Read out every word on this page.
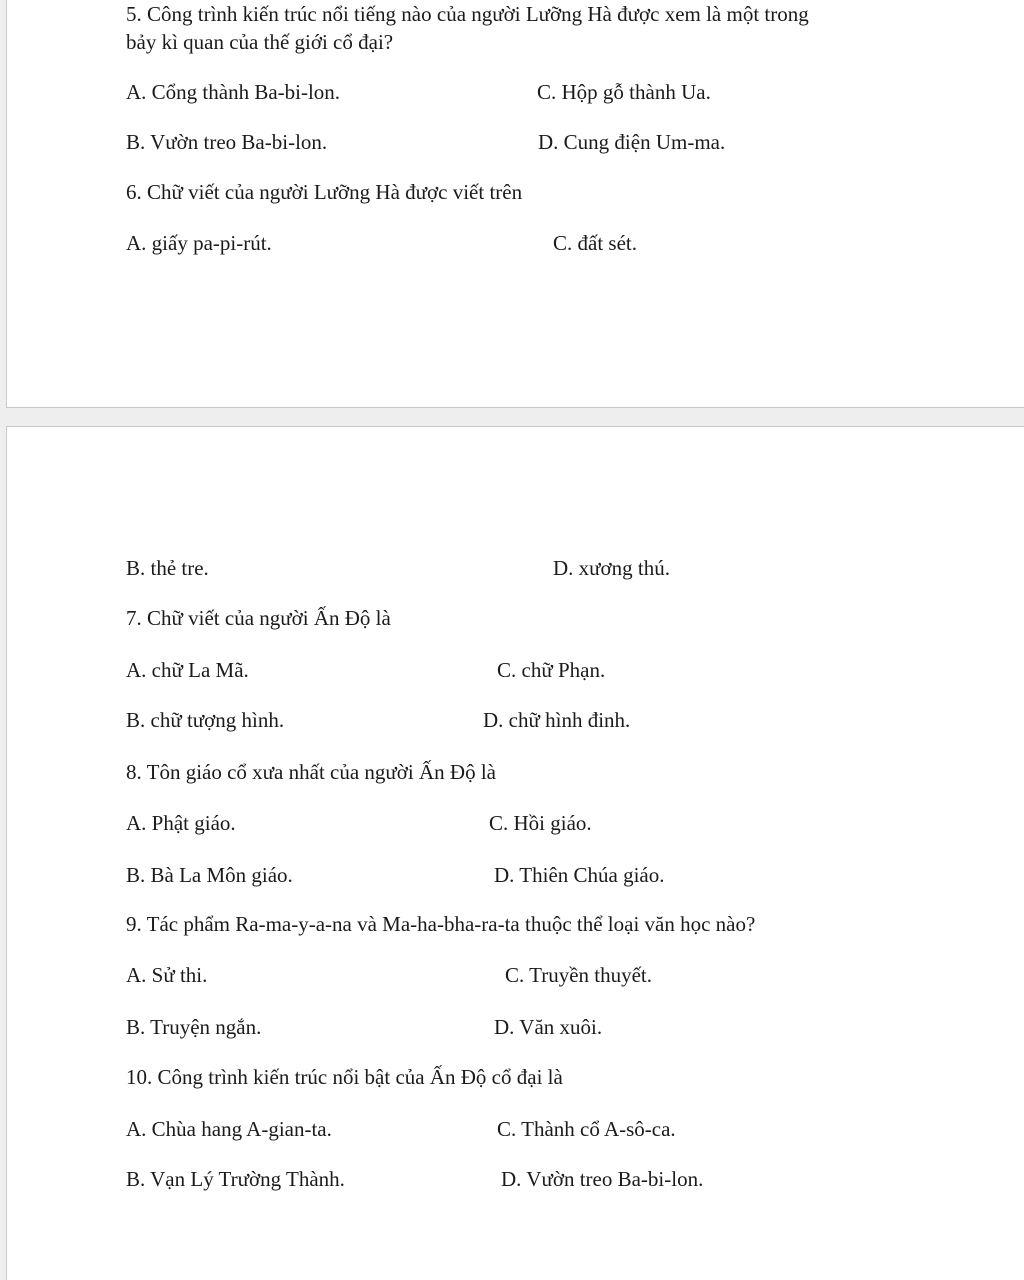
5. Công trình kiến trúc nổi tiếng nào của người Lưỡng Hà được xem là một trong
bảy kì quan của thế giới cổ đại?
A. Cổng thành Ba-bi-lon.	C. Hộp gỗ thành Ua.
B. Vườn treo Ba-bi-lon.	D. Cung điện Um-ma.
6. Chữ viết của người Lưỡng Hà được viết trên
A. giấy pa-pi-rút.	C. đất sét.
B. thẻ tre.	D. xương thú.
7. Chữ viết của người Ấn Độ là
A. chữ La Mã.	C. chữ Phạn.
B. chữ tượng hình.	D. chữ hình đinh.
8. Tôn giáo cổ xưa nhất của người Ấn Độ là
A. Phật giáo.	C. Hồi giáo.
B. Bà La Môn giáo.	D. Thiên Chúa giáo.
9. Tác phẩm Ra-ma-y-a-na và Ma-ha-bha-ra-ta thuộc thể loại văn học nào?
A. Sử thi.	C. Truyền thuyết.
B. Truyện ngắn.	D. Văn xuôi.
10. Công trình kiến trúc nổi bật của Ấn Độ cổ đại là
A. Chùa hang A-gian-ta.	C. Thành cổ A-sô-ca.
B. Vạn Lý Trường Thành.	D. Vườn treo Ba-bi-lon.
